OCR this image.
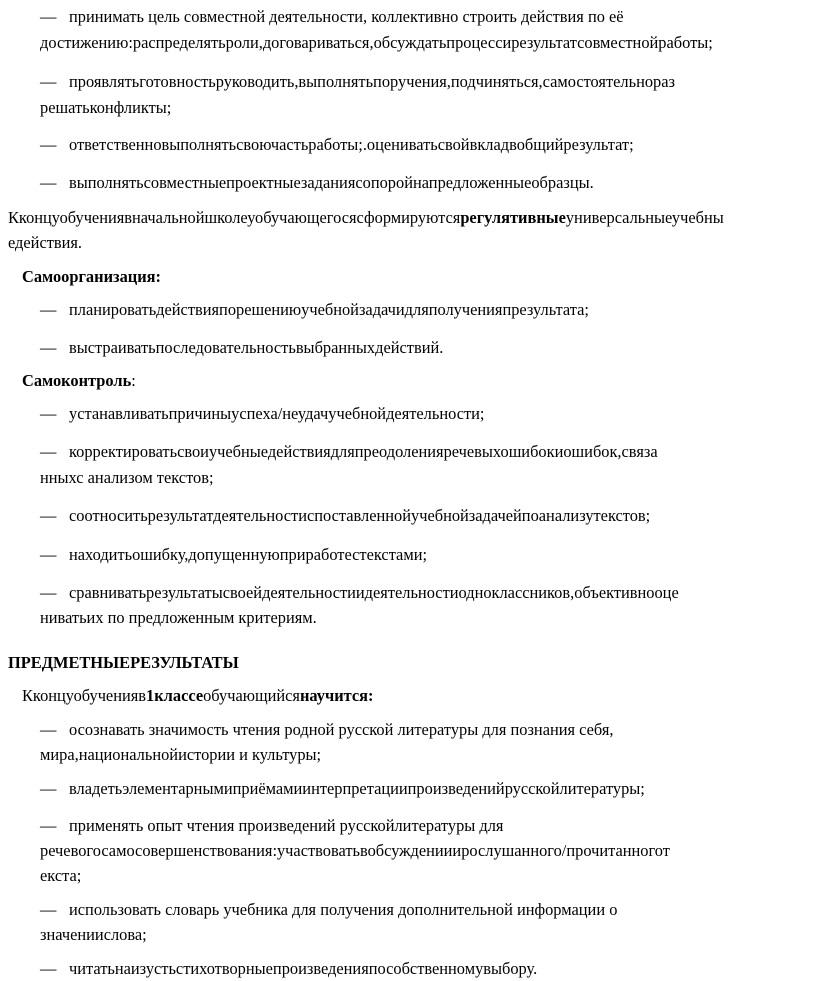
— принимать цель совместной деятельности, коллективно строить действия по её
достижению:распределятьроли,договариваться,обсуждатьпроцессирезультатсовместнойработы;
— проявлятьготовностьруководить,выполнятьпоручения,подчиняться,самостоятельнораз
решатьконфликты;
— ответственновыполнятьсвоючастьработы;.оцениватьсвойвкладвобщийрезультат;
— выполнятьсовместныепроектныезаданиясопоройнапредложенныеобразцы.
Кконцуобучениявначальнойшколеуобучающегосясформируютсярегулятивныеуниверсальныеучебны
едействия.
Самоорганизация:
— планироватьдействияпорешениюучебнойзадачидляполученияпрезультата;
— выстраиватьпоследовательностьвыбранныхдействий.
Самоконтроль:
— устанавливатьпричиныуспеха/неудачучебнойдеятельности;
— корректироватьсвоиучебныедействиядляпреодоленияречевыхошибокиошибок,связа
нныхс анализом текстов;
— соотноситьрезультатдеятельностиспоставленнойучебнойзадачейпоанализутекстов;
— находитьошибку,допущеннуюприработестекстами;
— сравниватьрезультатысвоейдеятельностиидеятельностиодноклассников,объективнооце
ниватьих по предложенным критериям.
ПРЕДМЕТНЫЕРЕЗУЛЬТАТЫ
Кконцуобученияв1классеобучающийсянаучится:
— осознавать значимость чтения родной русской литературы для познания себя,
мира,национальнойистории и культуры;
— владетьэлементарнымиприёмамиинтерпретациипроизведенийрусскойлитературы;
— применять опыт чтения произведений русскойлитературы для
речевогосамосовершенствования:участвоватьвобсужденииирослушанного/прочитанногот
екста;
— использовать словарь учебника для получения дополнительной информации о
значениислова;
— читатьнаизустьстихотворныепроизведенияпособственномувыбору.
